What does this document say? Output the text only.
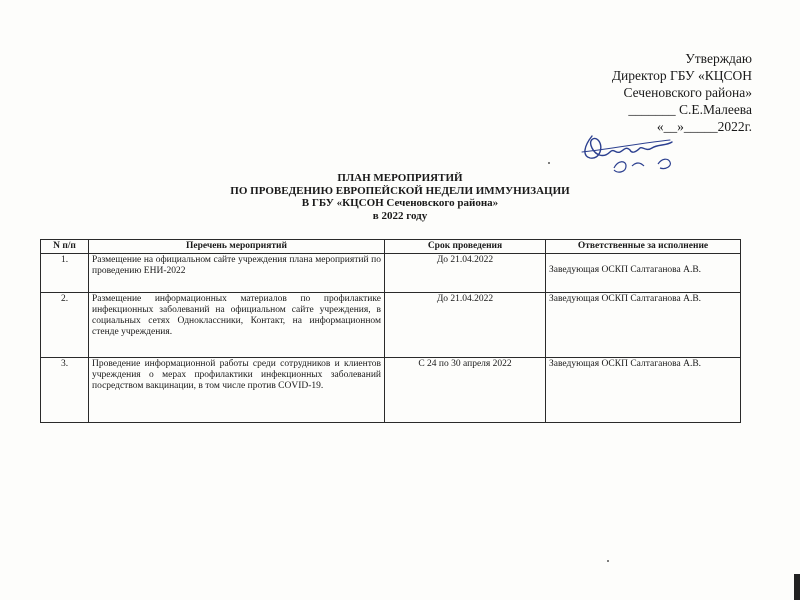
Утверждаю
Директор ГБУ «КЦСОН
Сеченовского района»
_______ С.Е.Малеева
«__»_____2022г.
ПЛАН МЕРОПРИЯТИЙ
ПО ПРОВЕДЕНИЮ ЕВРОПЕЙСКОЙ НЕДЕЛИ ИММУНИЗАЦИИ
В ГБУ «КЦСОН Сеченовского района»
в 2022 году
N п/п	Перечень мероприятий	Срок проведения	Ответственные за исполнение
1.	Размещение на официальном сайте учреждения плана мероприятий по проведению ЕНИ-2022	До 21.04.2022	Заведующая ОСКП Салтаганова А.В.

2.	Размещение информационных материалов по профилактике инфекционных заболеваний на официальном сайте учреждения, в социальных сетях Одноклассники, Контакт, на информационном стенде учреждения.	До 21.04.2022	Заведующая ОСКП Салтаганова А.В.
3.	Проведение информационной работы среди сотрудников и клиентов учреждения о мерах профилактики инфекционных заболеваний посредством вакцинации, в том числе против COVID-19.	С 24 по 30 апреля 2022	Заведующая ОСКП Салтаганова А.В.
